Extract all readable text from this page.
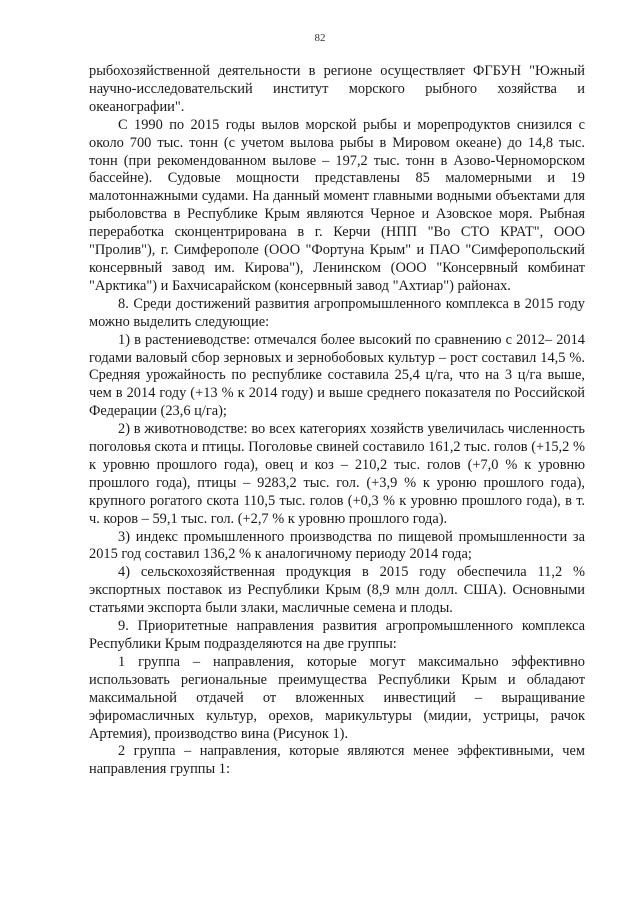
82

рыбохозяйственной деятельности в регионе осуществляет ФГБУН "Южный научно-исследовательский институт морского рыбного хозяйства и океанографии".

С 1990 по 2015 годы вылов морской рыбы и морепродуктов снизился с около 700 тыс. тонн (с учетом вылова рыбы в Мировом океане) до 14,8 тыс. тонн (при рекомендованном вылове – 197,2 тыс. тонн в Азово-Черноморском бассейне). Судовые мощности представлены 85 маломерными и 19 малотоннажными судами. На данный момент главными водными объектами для рыболовства в Республике Крым являются Черное и Азовское моря. Рыбная переработка сконцентрирована в г. Керчи (НПП "Во СТО КРАТ", ООО "Пролив"), г. Симферополе (ООО "Фортуна Крым" и ПАО "Симферопольский консервный завод им. Кирова"), Ленинском (ООО "Консервный комбинат "Арктика") и Бахчисарайском (консервный завод "Ахтиар") районах.

8. Среди достижений развития агропромышленного комплекса в 2015 году можно выделить следующие:

1) в растениеводстве: отмечался более высокий по сравнению с 2012– 2014 годами валовый сбор зерновых и зернобобовых культур – рост составил 14,5 %. Средняя урожайность по республике составила 25,4 ц/га, что на 3 ц/га выше, чем в 2014 году (+13 % к 2014 году) и выше среднего показателя по Российской Федерации (23,6 ц/га);

2) в животноводстве: во всех категориях хозяйств увеличилась численность поголовья скота и птицы. Поголовье свиней составило 161,2 тыс. голов (+15,2 % к уровню прошлого года), овец и коз – 210,2 тыс. голов (+7,0 % к уровню прошлого года), птицы – 9283,2 тыс. гол. (+3,9 % к уроню прошлого года), крупного рогатого скота 110,5 тыс. голов (+0,3 % к уровню прошлого года), в т. ч. коров – 59,1 тыс. гол. (+2,7 % к уровню прошлого года).

3) индекс промышленного производства по пищевой промышленности за 2015 год составил 136,2 % к аналогичному периоду 2014 года;

4) сельскохозяйственная продукция в 2015 году обеспечила 11,2 % экспортных поставок из Республики Крым (8,9 млн долл. США). Основными статьями экспорта были злаки, масличные семена и плоды.

9. Приоритетные направления развития агропромышленного комплекса Республики Крым подразделяются на две группы:

1 группа – направления, которые могут максимально эффективно использовать региональные преимущества Республики Крым и обладают максимальной отдачей от вложенных инвестиций – выращивание эфиромасличных культур, орехов, марикультуры (мидии, устрицы, рачок Артемия), производство вина (Рисунок 1).

2 группа – направления, которые являются менее эффективными, чем направления группы 1:
